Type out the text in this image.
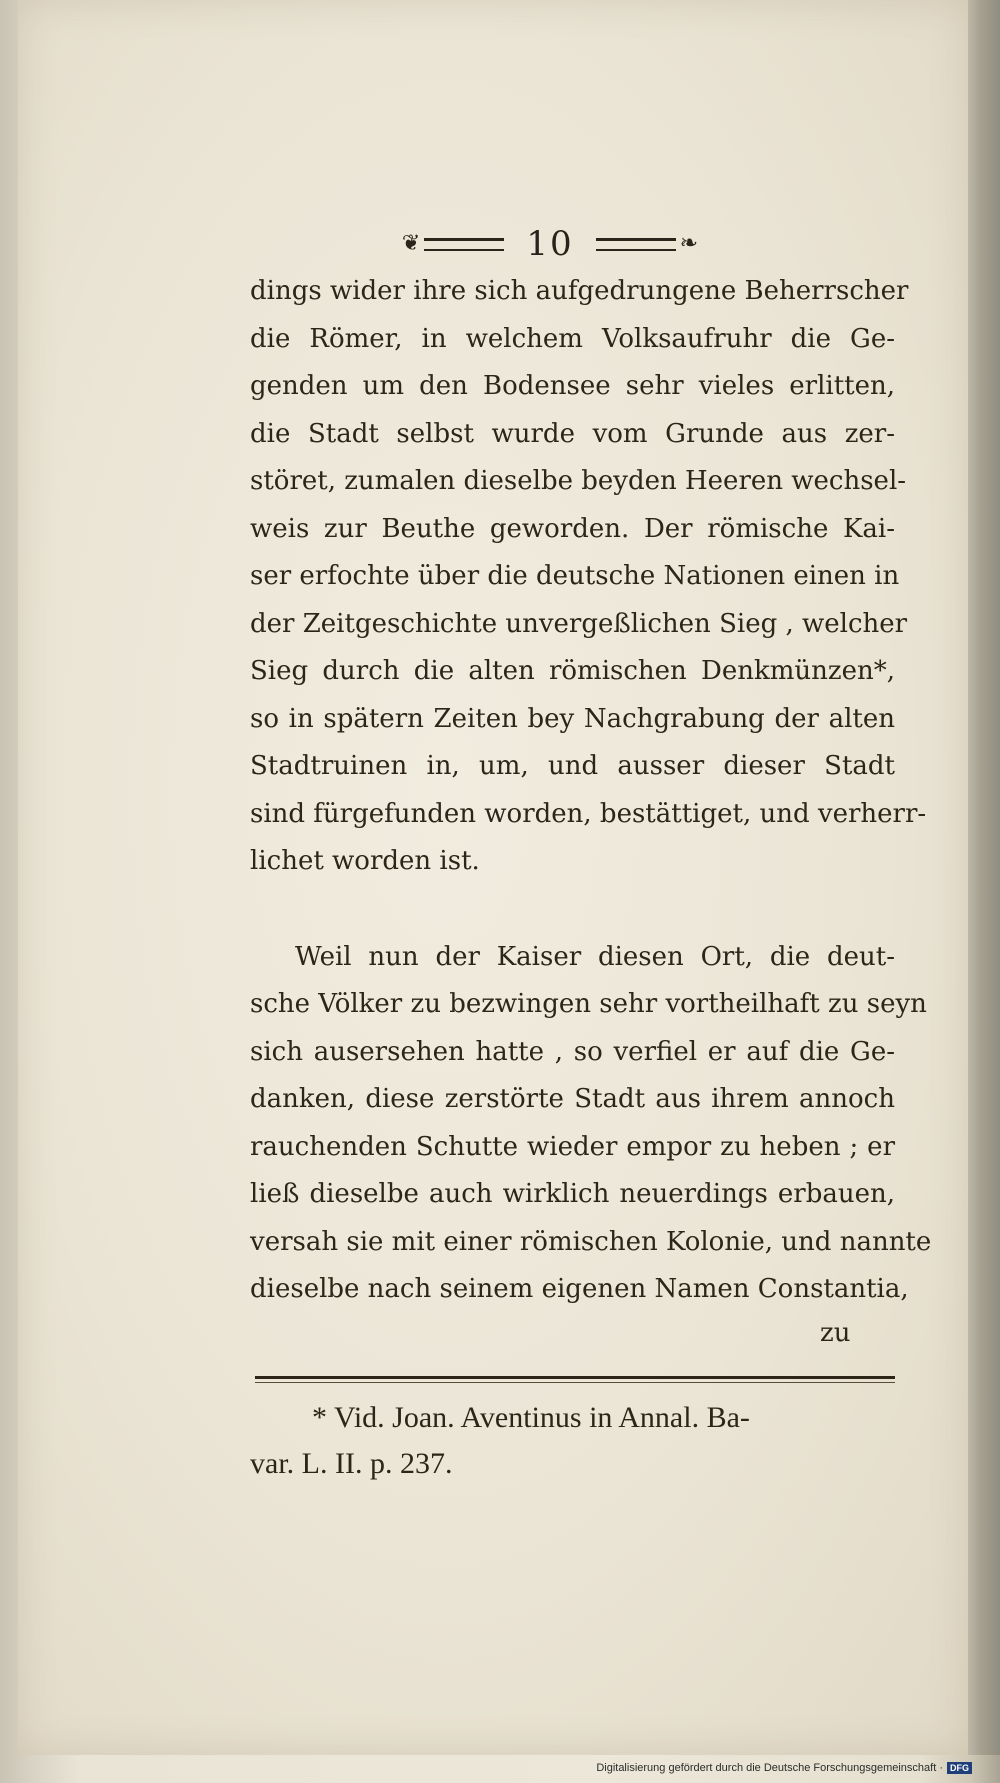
❦	10	❧
dings wider ihre sich aufgedrungene Beherrscher
die Römer, in welchem Volksaufruhr die Ge-
genden um den Bodensee sehr vieles erlitten,
die Stadt selbst wurde vom Grunde aus zer-
störet, zumalen dieselbe beyden Heeren wechsel-
weis zur Beuthe geworden. Der römische Kai-
ser erfochte über die deutsche Nationen einen in
der Zeitgeschichte unvergeßlichen Sieg , welcher
Sieg durch die alten römischen Denkmünzen*,
so in spätern Zeiten bey Nachgrabung der alten
Stadtruinen in, um, und ausser dieser Stadt
sind fürgefunden worden, bestättiget, und verherr-
lichet worden ist.
Weil nun der Kaiser diesen Ort, die deut-
sche Völker zu bezwingen sehr vortheilhaft zu seyn
sich ausersehen hatte , so verfiel er auf die Ge-
danken, diese zerstörte Stadt aus ihrem annoch
rauchenden Schutte wieder empor zu heben ; er
ließ dieselbe auch wirklich neuerdings erbauen,
versah sie mit einer römischen Kolonie, und nannte
dieselbe nach seinem eigenen Namen Constantia,
zu
* Vid. Joan. Aventinus in Annal. Ba-
var. L. II. p. 237.
Digitalisierung gefördert durch die Deutsche Forschungsgemeinschaft · DFG
